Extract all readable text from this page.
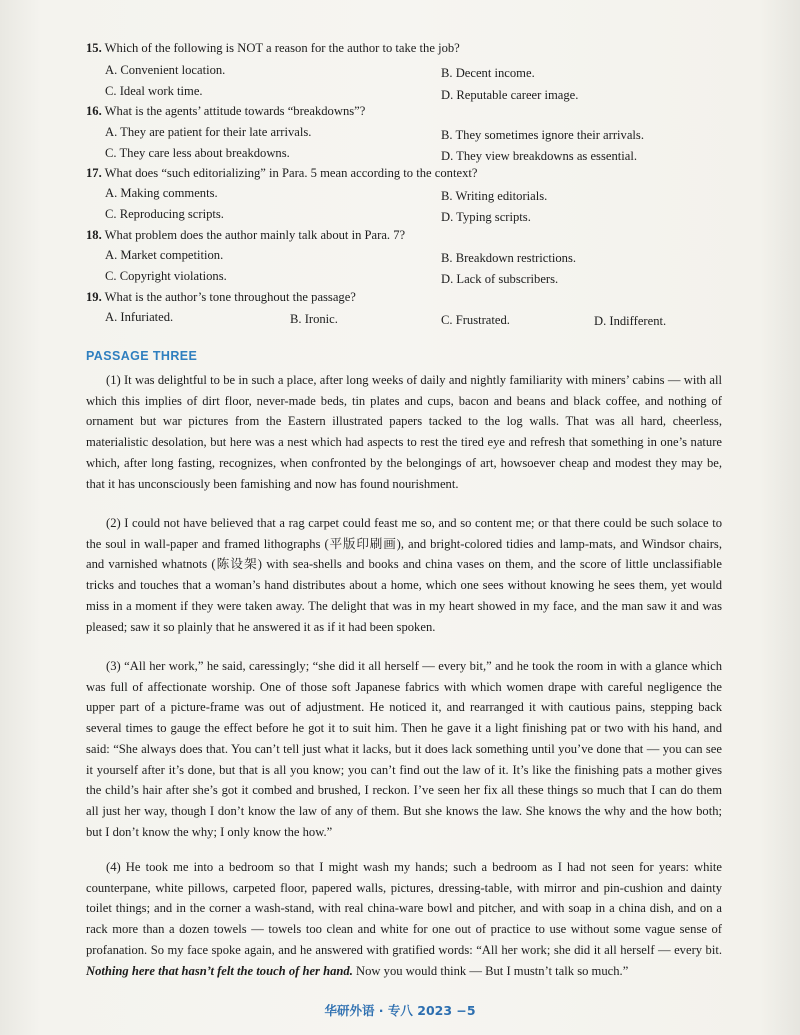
15. Which of the following is NOT a reason for the author to take the job?
A. Convenient location.	B. Decent income.
C. Ideal work time.	D. Reputable career image.
16. What is the agents’ attitude towards “breakdowns”?
A. They are patient for their late arrivals.	B. They sometimes ignore their arrivals.
C. They care less about breakdowns.	D. They view breakdowns as essential.
17. What does “such editorializing” in Para. 5 mean according to the context?
A. Making comments.	B. Writing editorials.
C. Reproducing scripts.	D. Typing scripts.
18. What problem does the author mainly talk about in Para. 7?
A. Market competition.	B. Breakdown restrictions.
C. Copyright violations.	D. Lack of subscribers.
19. What is the author’s tone throughout the passage?
A. Infuriated.	B. Ironic.	C. Frustrated.	D. Indifferent.
PASSAGE THREE
(1) It was delightful to be in such a place, after long weeks of daily and nightly familiarity with miners’ cabins — with all which this implies of dirt floor, never-made beds, tin plates and cups, bacon and beans and black coffee, and nothing of ornament but war pictures from the Eastern illustrated papers tacked to the log walls. That was all hard, cheerless, materialistic desolation, but here was a nest which had aspects to rest the tired eye and refresh that something in one’s nature which, after long fasting, recognizes, when confronted by the belongings of art, howsoever cheap and modest they may be, that it has unconsciously been famishing and now has found nourishment.
(2) I could not have believed that a rag carpet could feast me so, and so content me; or that there could be such solace to the soul in wall-paper and framed lithographs (平版印刷画), and bright-colored tidies and lamp-mats, and Windsor chairs, and varnished whatnots (陈设架) with sea-shells and books and china vases on them, and the score of little unclassifiable tricks and touches that a woman’s hand distributes about a home, which one sees without knowing he sees them, yet would miss in a moment if they were taken away. The delight that was in my heart showed in my face, and the man saw it and was pleased; saw it so plainly that he answered it as if it had been spoken.
(3) “All her work,” he said, caressingly; “she did it all herself — every bit,” and he took the room in with a glance which was full of affectionate worship. One of those soft Japanese fabrics with which women drape with careful negligence the upper part of a picture-frame was out of adjustment. He noticed it, and rearranged it with cautious pains, stepping back several times to gauge the effect before he got it to suit him. Then he gave it a light finishing pat or two with his hand, and said: “She always does that. You can’t tell just what it lacks, but it does lack something until you’ve done that — you can see it yourself after it’s done, but that is all you know; you can’t find out the law of it. It’s like the finishing pats a mother gives the child’s hair after she’s got it combed and brushed, I reckon. I’ve seen her fix all these things so much that I can do them all just her way, though I don’t know the law of any of them. But she knows the law. She knows the why and the how both; but I don’t know the why; I only know the how.”
(4) He took me into a bedroom so that I might wash my hands; such a bedroom as I had not seen for years: white counterpane, white pillows, carpeted floor, papered walls, pictures, dressing-table, with mirror and pin-cushion and dainty toilet things; and in the corner a wash-stand, with real china-ware bowl and pitcher, and with soap in a china dish, and on a rack more than a dozen towels — towels too clean and white for one out of practice to use without some vague sense of profanation. So my face spoke again, and he answered with gratified words: “All her work; she did it all herself — every bit. Nothing here that hasn’t felt the touch of her hand. Now you would think — But I mustn’t talk so much.”
华研外语 · 专八 2023 −5
